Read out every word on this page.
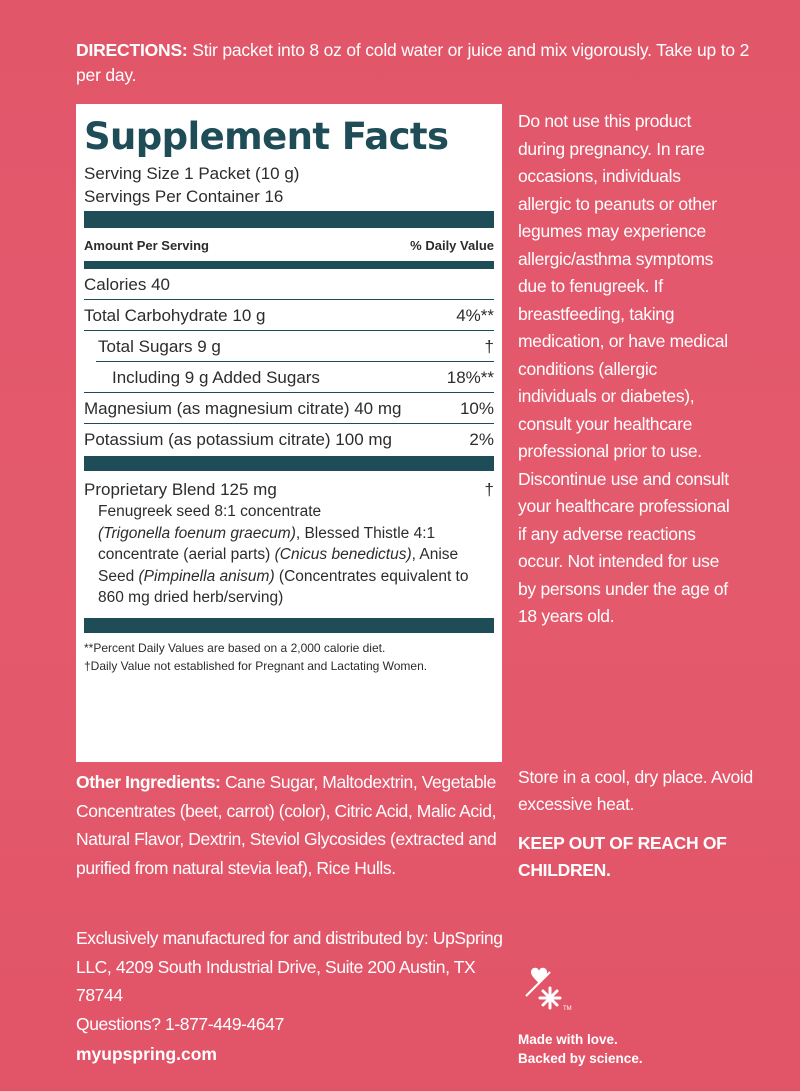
DIRECTIONS: Stir packet into 8 oz of cold water or juice and mix vigorously. Take up to 2 per day.
Supplement Facts
Serving Size 1 Packet (10 g)
Servings Per Container 16
Amount Per Serving	% Daily Value
Calories 40
Total Carbohydrate 10 g	4%**
Total Sugars 9 g	†
Including 9 g Added Sugars	18%**
Magnesium (as magnesium citrate) 40 mg	10%
Potassium (as potassium citrate) 100 mg	2%
Proprietary Blend 125 mg	†
Fenugreek seed 8:1 concentrate
(Trigonella foenum graecum), Blessed Thistle 4:1 concentrate (aerial parts) (Cnicus benedictus), Anise Seed (Pimpinella anisum) (Concentrates equivalent to 860 mg dried herb/serving)
**Percent Daily Values are based on a 2,000 calorie diet.
†Daily Value not established for Pregnant and Lactating Women.
Do not use this product during pregnancy. In rare occasions, individuals allergic to peanuts or other legumes may experience allergic/asthma symptoms due to fenugreek. If breastfeeding, taking medication, or have medical conditions (allergic individuals or diabetes), consult your healthcare professional prior to use. Discontinue use and consult your healthcare professional if any adverse reactions occur. Not intended for use by persons under the age of 18 years old.
Store in a cool, dry place. Avoid excessive heat.
KEEP OUT OF REACH OF CHILDREN.
Other Ingredients: Cane Sugar, Maltodextrin, Vegetable Concentrates (beet, carrot) (color), Citric Acid, Malic Acid, Natural Flavor, Dextrin, Steviol Glycosides (extracted and purified from natural stevia leaf), Rice Hulls.
Exclusively manufactured for and distributed by: UpSpring LLC, 4209 South Industrial Drive, Suite 200 Austin, TX 78744
Questions? 1-877-449-4647
myupspring.com
TM
Made with love.
Backed by science.
